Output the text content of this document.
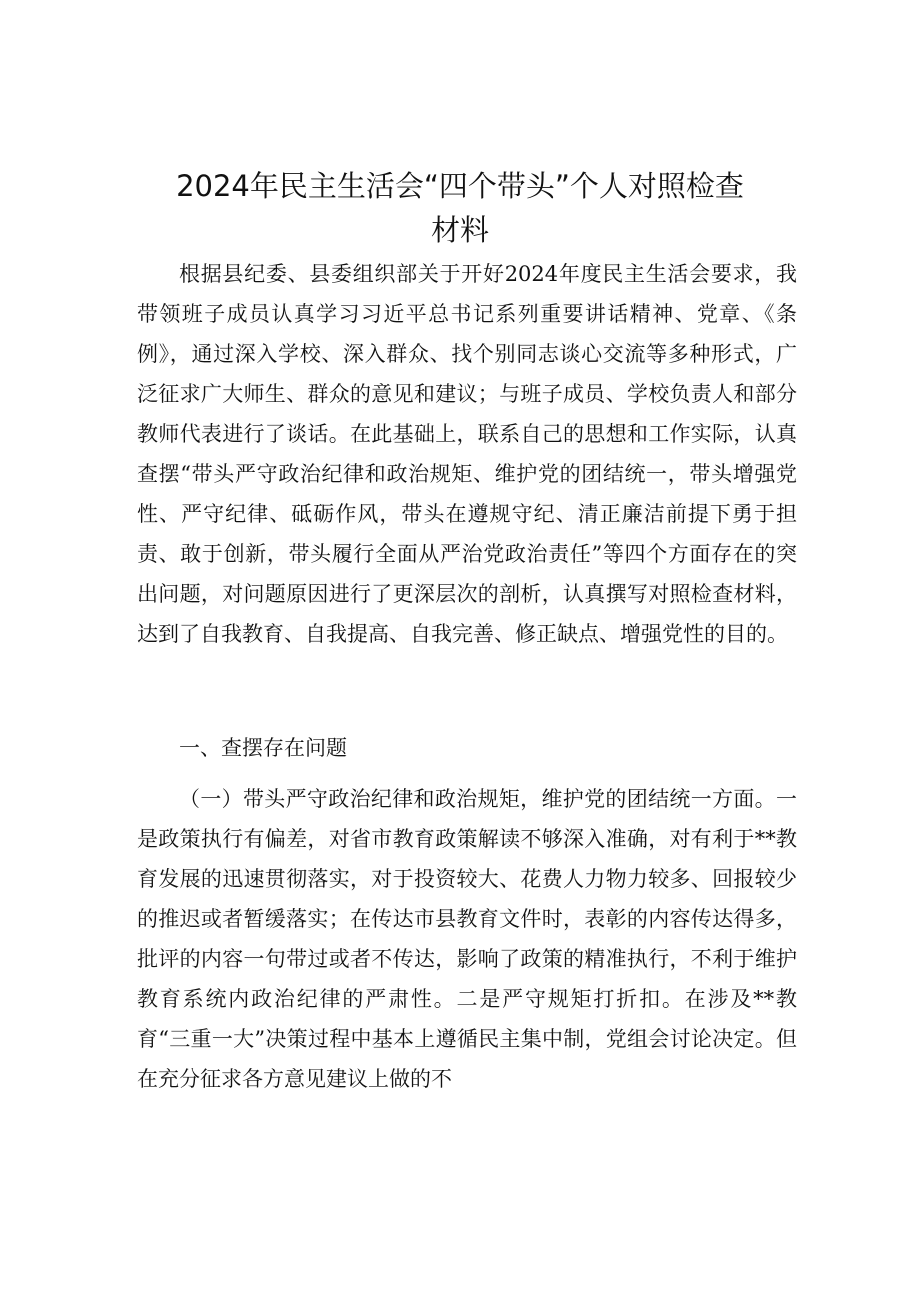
2024年民主生活会“四个带头”个人对照检查
材料

根据县纪委、县委组织部关于开好2024年度民主生活会要求，我带领班子成员认真学习习近平总书记系列重要讲话精神、党章、《条例》，通过深入学校、深入群众、找个别同志谈心交流等多种形式，广泛征求广大师生、群众的意见和建议；与班子成员、学校负责人和部分教师代表进行了谈话。在此基础上，联系自己的思想和工作实际，认真查摆“带头严守政治纪律和政治规矩、维护党的团结统一，带头增强党性、严守纪律、砥砺作风，带头在遵规守纪、清正廉洁前提下勇于担责、敢于创新，带头履行全面从严治党政治责任”等四个方面存在的突出问题，对问题原因进行了更深层次的剖析，认真撰写对照检查材料，达到了自我教育、自我提高、自我完善、修正缺点、增强党性的目的。

一、查摆存在问题

（一）带头严守政治纪律和政治规矩，维护党的团结统一方面。一是政策执行有偏差，对省市教育政策解读不够深入准确，对有利于**教育发展的迅速贯彻落实，对于投资较大、花费人力物力较多、回报较少的推迟或者暂缓落实；在传达市县教育文件时，表彰的内容传达得多，批评的内容一句带过或者不传达，影响了政策的精准执行，不利于维护教育系统内政治纪律的严肃性。二是严守规矩打折扣。在涉及**教育“三重一大”决策过程中基本上遵循民主集中制，党组会讨论决定。但在充分征求各方意见建议上做的不
